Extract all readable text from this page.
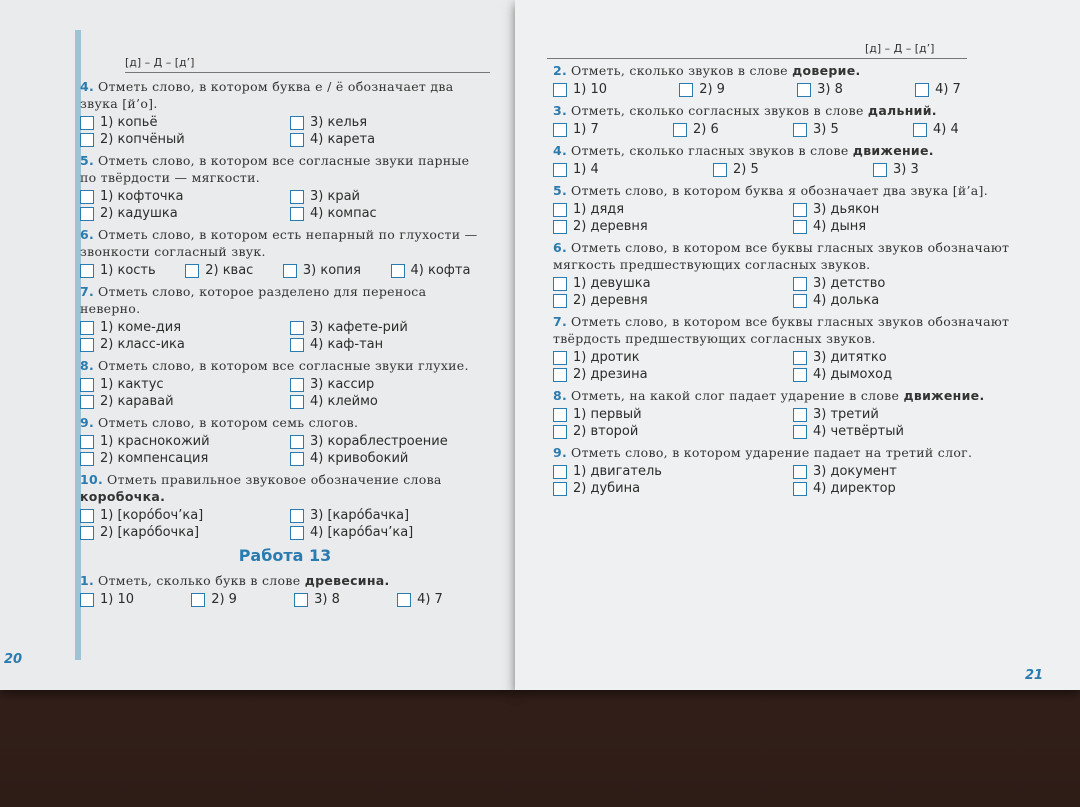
[д] – Д – [д’]
4. Отметь слово, в котором буква е / ё обозначает два звука [й’о].
1) копьё	3) келья
2) копчёный	4) карета
5. Отметь слово, в котором все согласные звуки парные по твёрдости — мягкости.
1) кофточка	3) край
2) кадушка	4) компас
6. Отметь слово, в котором есть непарный по глухости — звонкости согласный звук.
1) кость	2) квас	3) копия	4) кофта
7. Отметь слово, которое разделено для переноса неверно.
1) коме-дия	3) кафете-рий
2) класс-ика	4) каф-тан
8. Отметь слово, в котором все согласные звуки глухие.
1) кактус	3) кассир
2) каравай	4) клеймо
9. Отметь слово, в котором семь слогов.
1) краснокожий	3) кораблестроение
2) компенсация	4) кривобокий
10. Отметь правильное звуковое обозначение слова коробочка.
1) [коро́боч’ка]	3) [каро́бачка]
2) [каро́бочка]	4) [каро́бач’ка]
Работа 13
1. Отметь, сколько букв в слове древесина.
1) 10	2) 9	3) 8	4) 7
20
[д] – Д – [д’]
2. Отметь, сколько звуков в слове доверие.
1) 10	2) 9	3) 8	4) 7
3. Отметь, сколько согласных звуков в слове дальний.
1) 7	2) 6	3) 5	4) 4
4. Отметь, сколько гласных звуков в слове движение.
1) 4	2) 5	3) 3
5. Отметь слово, в котором буква я обозначает два звука [й’а].
1) дядя	3) дьякон
2) деревня	4) дыня
6. Отметь слово, в котором все буквы гласных звуков обозначают мягкость предшествующих согласных звуков.
1) девушка	3) детство
2) деревня	4) долька
7. Отметь слово, в котором все буквы гласных звуков обозначают твёрдость предшествующих согласных звуков.
1) дротик	3) дитятко
2) дрезина	4) дымоход
8. Отметь, на какой слог падает ударение в слове движение.
1) первый	3) третий
2) второй	4) четвёртый
9. Отметь слово, в котором ударение падает на третий слог.
1) двигатель	3) документ
2) дубина	4) директор
21
